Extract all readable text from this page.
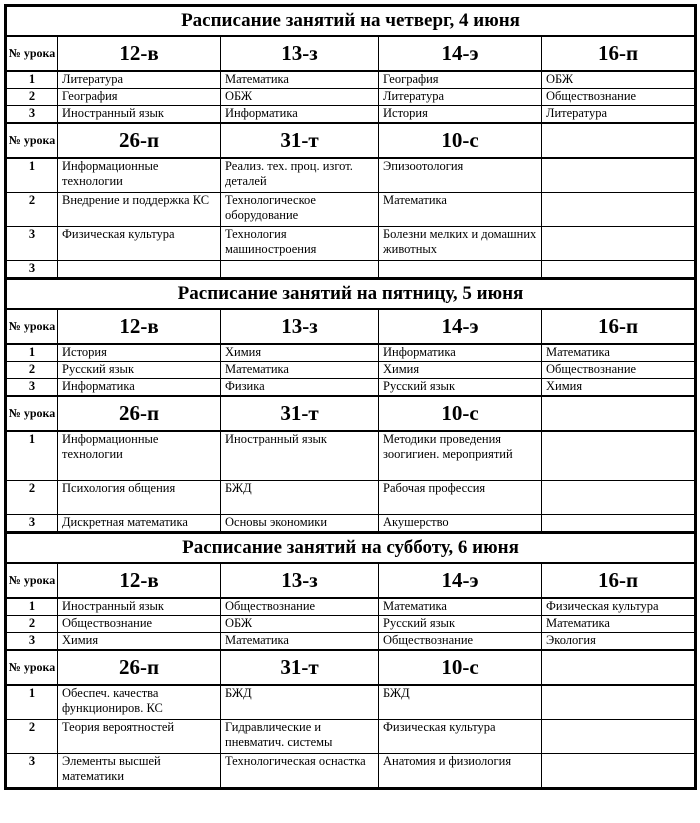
Расписание занятий на четверг, 4 июня				
№ урока	12-в	13-з	14-э	16-п
1	Литература	Математика	География	ОБЖ
2	География	ОБЖ	Литература	Обществознание
3	Иностранный язык	Информатика	История	Литература
№ урока	26-п	31-т	10-с	
1	Информационные технологии	Реализ. тех. проц. изгот. деталей	Эпизоотология	
2	Внедрение и поддержка КС	Технологическое оборудование	Математика	
3	Физическая культура	Технология машиностроения	Болезни мелких и домашних животных	
3				
Расписание занятий на пятницу, 5 июня				
№ урока	12-в	13-з	14-э	16-п
1	История	Химия	Информатика	Математика
2	Русский язык	Математика	Химия	Обществознание
3	Информатика	Физика	Русский язык	Химия
№ урока	26-п	31-т	10-с	
1	Информационные технологии	Иностранный язык	Методики проведения зоогигиен. мероприятий	
2	Психология общения	БЖД	Рабочая профессия	
3	Дискретная математика	Основы экономики	Акушерство	
Расписание занятий на субботу, 6 июня				
№ урока	12-в	13-з	14-э	16-п
1	Иностранный язык	Обществознание	Математика	Физическая культура
2	Обществознание	ОБЖ	Русский язык	Математика
3	Химия	Математика	Обществознание	Экология
№ урока	26-п	31-т	10-с	
1	Обеспеч. качества функциониров. КС	БЖД	БЖД	
2	Теория вероятностей	Гидравлические и пневматич. системы	Физическая культура	
3	Элементы высшей математики	Технологическая оснастка	Анатомия и физиология	
